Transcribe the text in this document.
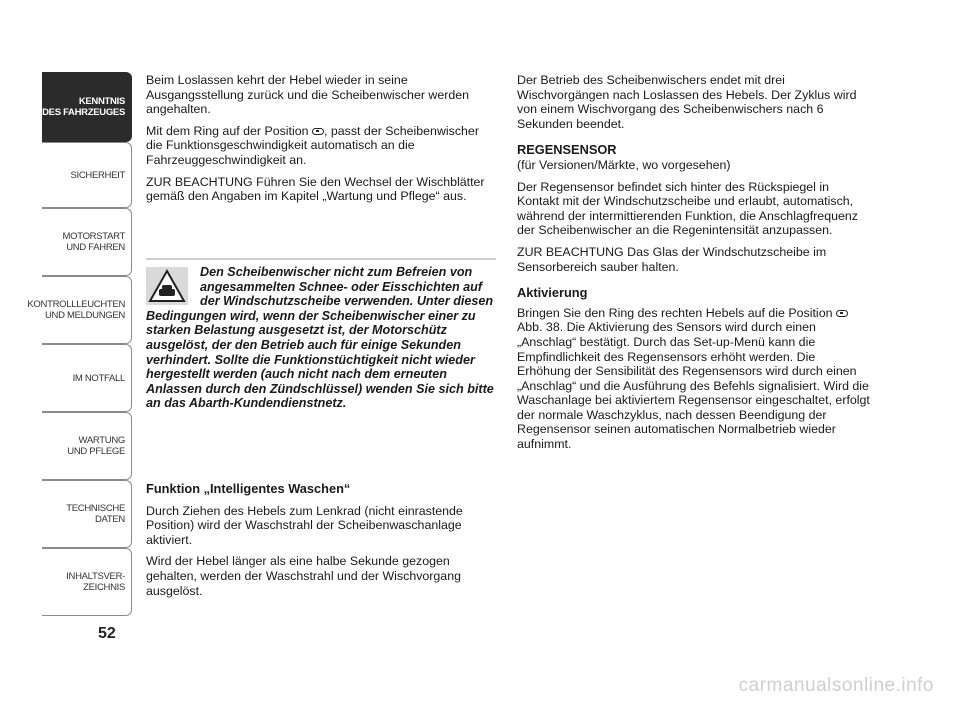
KENNTNIS
DES FAHRZEUGES
SICHERHEIT
MOTORSTART
UND FAHREN
KONTROLLLEUCHTEN
UND MELDUNGEN
IM NOTFALL
WARTUNG
UND PFLEGE
TECHNISCHE
DATEN
INHALTSVER-
ZEICHNIS
52

Beim Loslassen kehrt der Hebel wieder in seine Ausgangsstellung zurück und die Scheibenwischer werden angehalten.

Mit dem Ring auf der Position , passt der Scheibenwischer die Funktionsgeschwindigkeit automatisch an die Fahrzeuggeschwindigkeit an.

ZUR BEACHTUNG Führen Sie den Wechsel der Wischblätter gemäß den Angaben im Kapitel „Wartung und Pflege“ aus.

Den Scheibenwischer nicht zum Befreien von angesammelten Schnee- oder Eisschichten auf der Windschutzscheibe verwenden. Unter diesen Bedingungen wird, wenn der Scheibenwischer einer zu starken Belastung ausgesetzt ist, der Motorschütz ausgelöst, der den Betrieb auch für einige Sekunden verhindert. Sollte die Funktionstüchtigkeit nicht wieder hergestellt werden (auch nicht nach dem erneuten Anlassen durch den Zündschlüssel) wenden Sie sich bitte an das Abarth-Kundendienstnetz.
Funktion „Intelligentes Waschen“

Durch Ziehen des Hebels zum Lenkrad (nicht einrastende Position) wird der Waschstrahl der Scheibenwaschanlage aktiviert.

Wird der Hebel länger als eine halbe Sekunde gezogen gehalten, werden der Waschstrahl und der Wischvorgang ausgelöst.

Der Betrieb des Scheibenwischers endet mit drei Wischvorgängen nach Loslassen des Hebels. Der Zyklus wird von einem Wischvorgang des Scheibenwischers nach 6 Sekunden beendet.

REGENSENSOR

(für Versionen/Märkte, wo vorgesehen)

Der Regensensor befindet sich hinter des Rückspiegel in Kontakt mit der Windschutzscheibe und erlaubt, automatisch, während der intermittierenden Funktion, die Anschlagfrequenz der Scheibenwischer an die Regenintensität anzupassen.

ZUR BEACHTUNG Das Glas der Windschutzscheibe im Sensorbereich sauber halten.

Aktivierung

Bringen Sie den Ring des rechten Hebels auf die Position  Abb. 38. Die Aktivierung des Sensors wird durch einen „Anschlag“ bestätigt. Durch das Set-up-Menü kann die Empfindlichkeit des Regensensors erhöht werden. Die Erhöhung der Sensibilität des Regensensors wird durch einen „Anschlag“ und die Ausführung des Befehls signalisiert. Wird die Waschanlage bei aktiviertem Regensensor eingeschaltet, erfolgt der normale Waschzyklus, nach dessen Beendigung der Regensensor seinen automatischen Normalbetrieb wieder aufnimmt.

carmanualsonline.info
